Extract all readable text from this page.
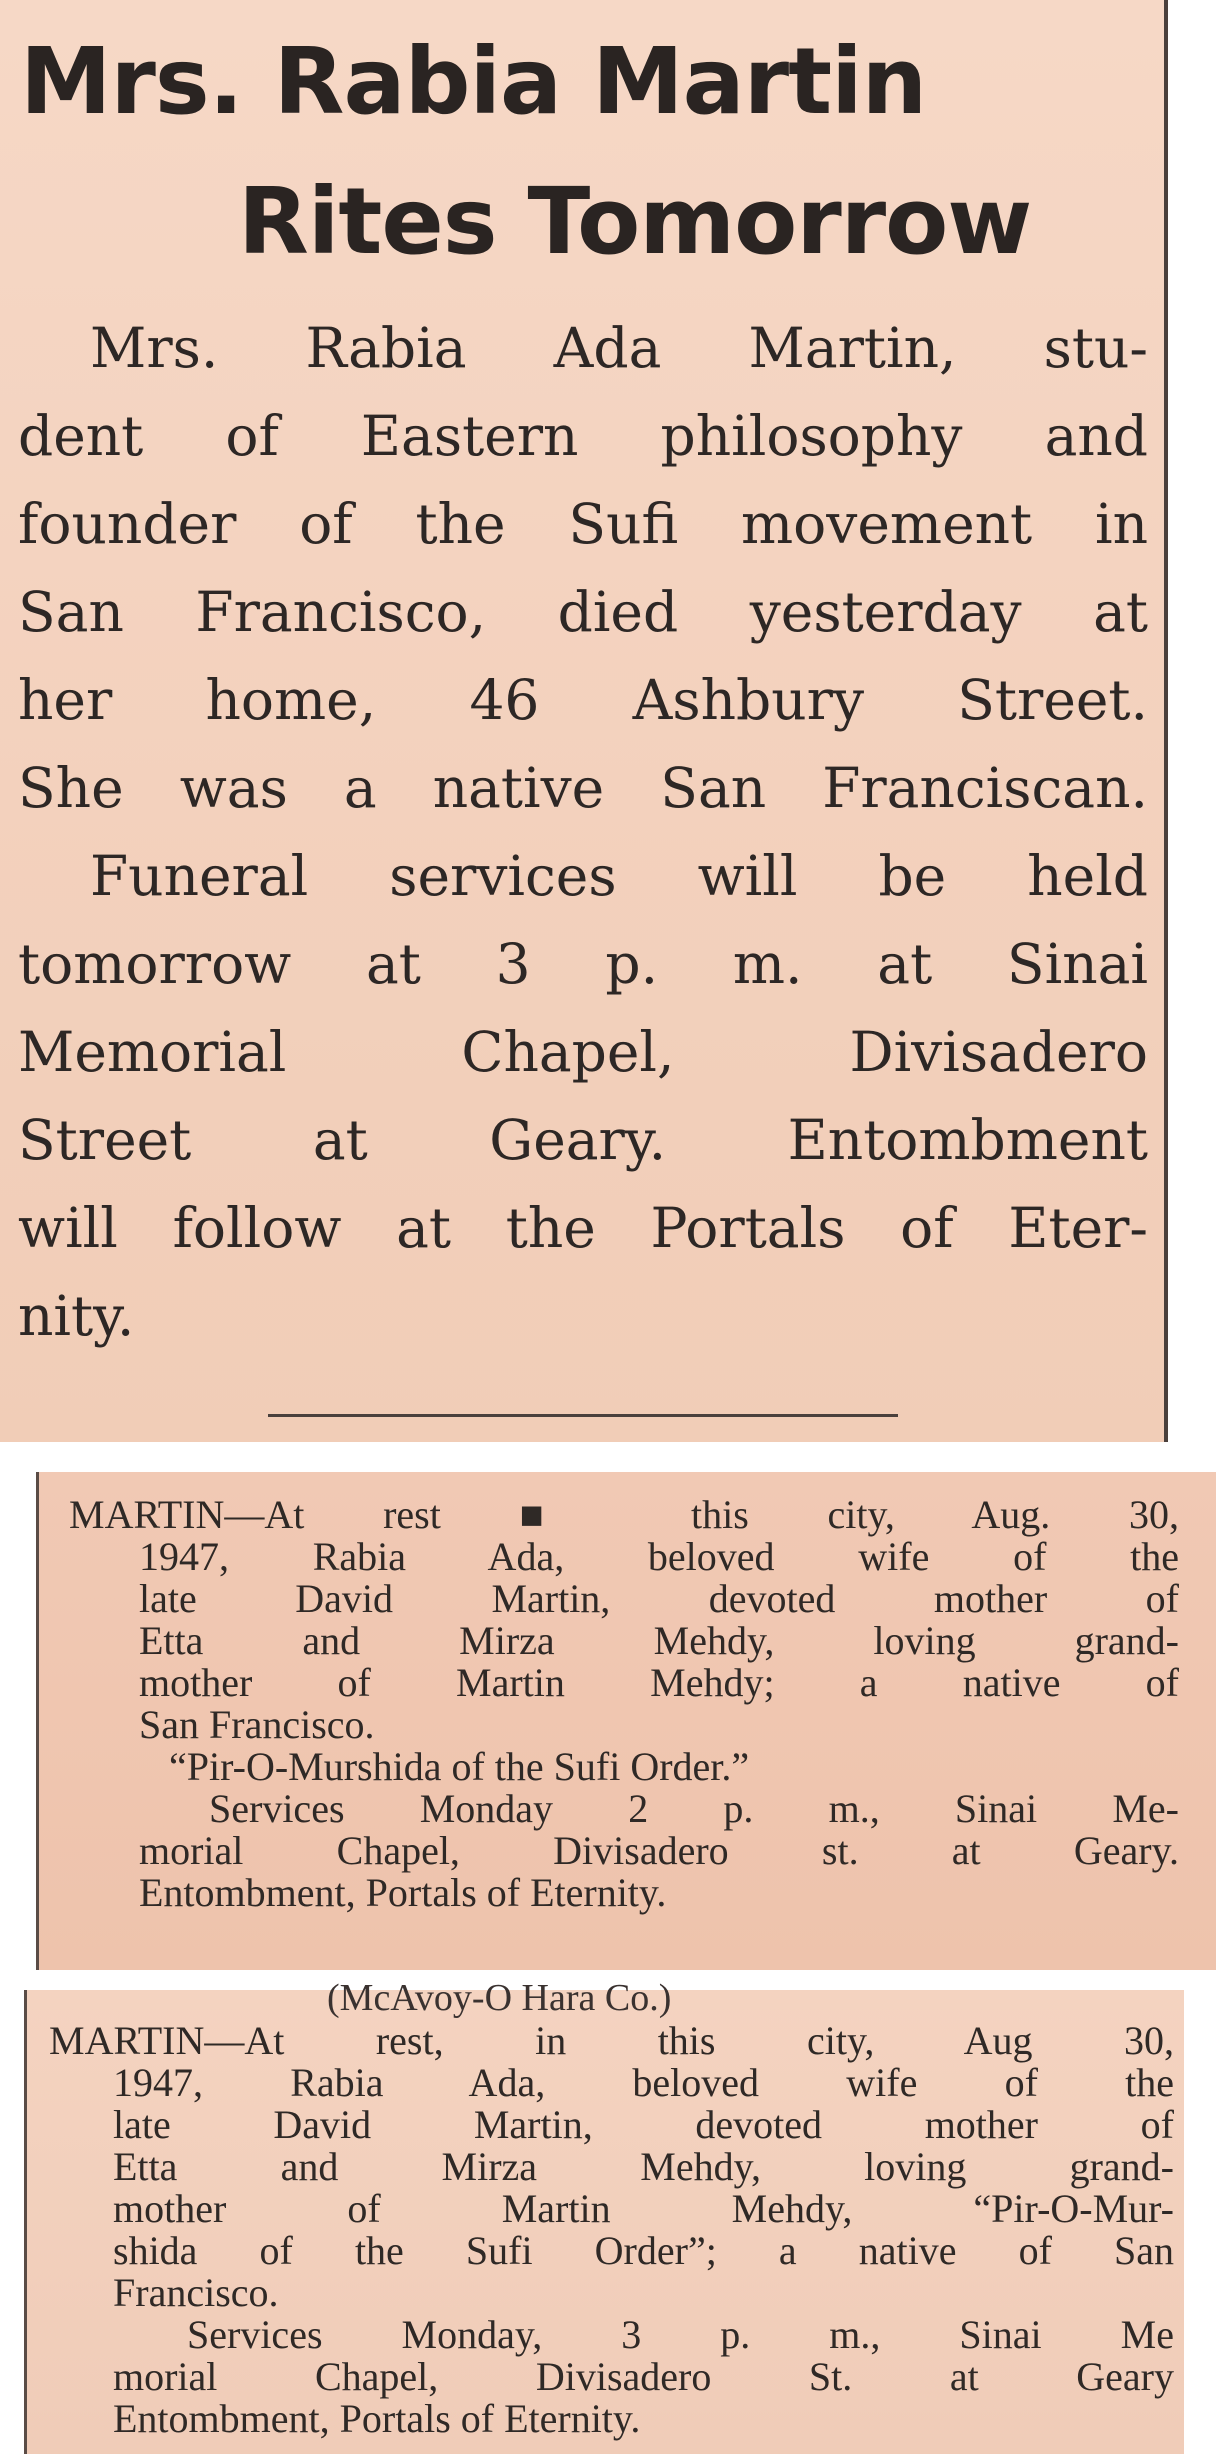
Mrs. Rabia Martin
Rites Tomorrow
Mrs. Rabia Ada Martin, stu-
dent of Eastern philosophy and
founder of the Sufi movement in
San Francisco, died yesterday at
her home, 46 Ashbury Street.
She was a native San Franciscan.
Funeral services will be held
tomorrow at 3 p. m. at Sinai
Memorial Chapel, Divisadero
Street at Geary. Entombment
will follow at the Portals of Eter-
nity.
MARTIN—At rest ■ this city, Aug. 30,
1947, Rabia Ada, beloved wife of the
late David Martin, devoted mother of
Etta and Mirza Mehdy, loving grand-
mother of Martin Mehdy; a native of
San Francisco.
“Pir-O-Murshida of the Sufi Order.”
Services Monday 2 p. m., Sinai Me-
morial Chapel, Divisadero st. at Geary.
Entombment, Portals of Eternity.
(McAvoy-O Hara Co.)
MARTIN—At rest, in this city, Aug 30,
1947, Rabia Ada, beloved wife of the
late David Martin, devoted mother of
Etta and Mirza Mehdy, loving grand-
mother of Martin Mehdy, “Pir-O-Mur-
shida of the Sufi Order”; a native of San
Francisco.
Services Monday, 3 p. m., Sinai Me
morial Chapel, Divisadero St. at Geary
Entombment, Portals of Eternity.
